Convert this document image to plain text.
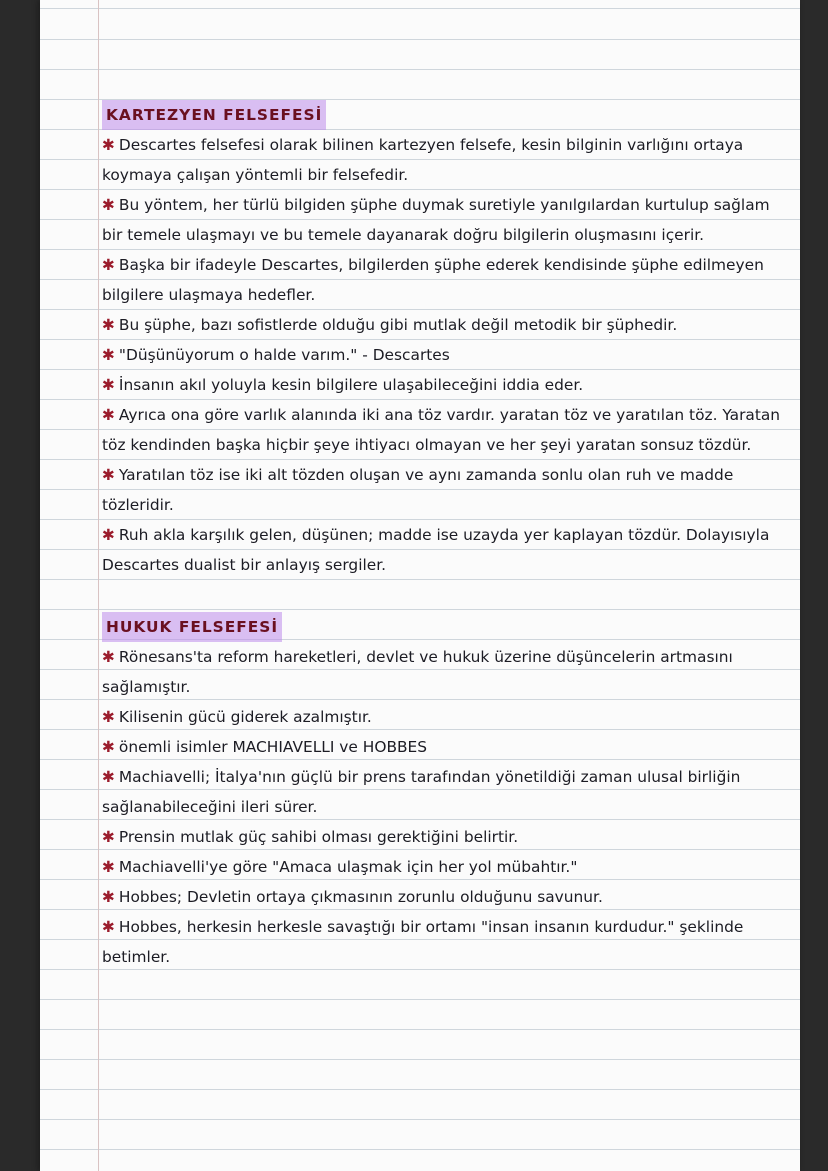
KARTEZYEN FELSEFESİ

✱ Descartes felsefesi olarak bilinen kartezyen felsefe, kesin bilginin varlığını ortaya koymaya çalışan yöntemli bir felsefedir.

✱ Bu yöntem, her türlü bilgiden şüphe duymak suretiyle yanılgılardan kurtulup sağlam bir temele ulaşmayı ve bu temele dayanarak doğru bilgilerin oluşmasını içerir.

✱ Başka bir ifadeyle Descartes, bilgilerden şüphe ederek kendisinde şüphe edilmeyen bilgilere ulaşmaya hedefler.

✱ Bu şüphe, bazı sofistlerde olduğu gibi mutlak değil metodik bir şüphedir.

✱ "Düşünüyorum o halde varım." - Descartes

✱ İnsanın akıl yoluyla kesin bilgilere ulaşabileceğini iddia eder.

✱ Ayrıca ona göre varlık alanında iki ana töz vardır. yaratan töz ve yaratılan töz. Yaratan töz kendinden başka hiçbir şeye ihtiyacı olmayan ve her şeyi yaratan sonsuz tözdür.

✱ Yaratılan töz ise iki alt tözden oluşan ve aynı zamanda sonlu olan ruh ve madde tözleridir.

✱ Ruh akla karşılık gelen, düşünen; madde ise uzayda yer kaplayan tözdür. Dolayısıyla Descartes dualist bir anlayış sergiler.

HUKUK FELSEFESİ

✱ Rönesans'ta reform hareketleri, devlet ve hukuk üzerine düşüncelerin artmasını sağlamıştır.

✱ Kilisenin gücü giderek azalmıştır.

✱ önemli isimler MACHIAVELLI ve HOBBES

✱ Machiavelli; İtalya'nın güçlü bir prens tarafından yönetildiği zaman ulusal birliğin sağlanabileceğini ileri sürer.

✱ Prensin mutlak güç sahibi olması gerektiğini belirtir.

✱ Machiavelli'ye göre "Amaca ulaşmak için her yol mübahtır."

✱ Hobbes; Devletin ortaya çıkmasının zorunlu olduğunu savunur.

✱ Hobbes, herkesin herkesle savaştığı bir ortamı "insan insanın kurdudur." şeklinde betimler.
